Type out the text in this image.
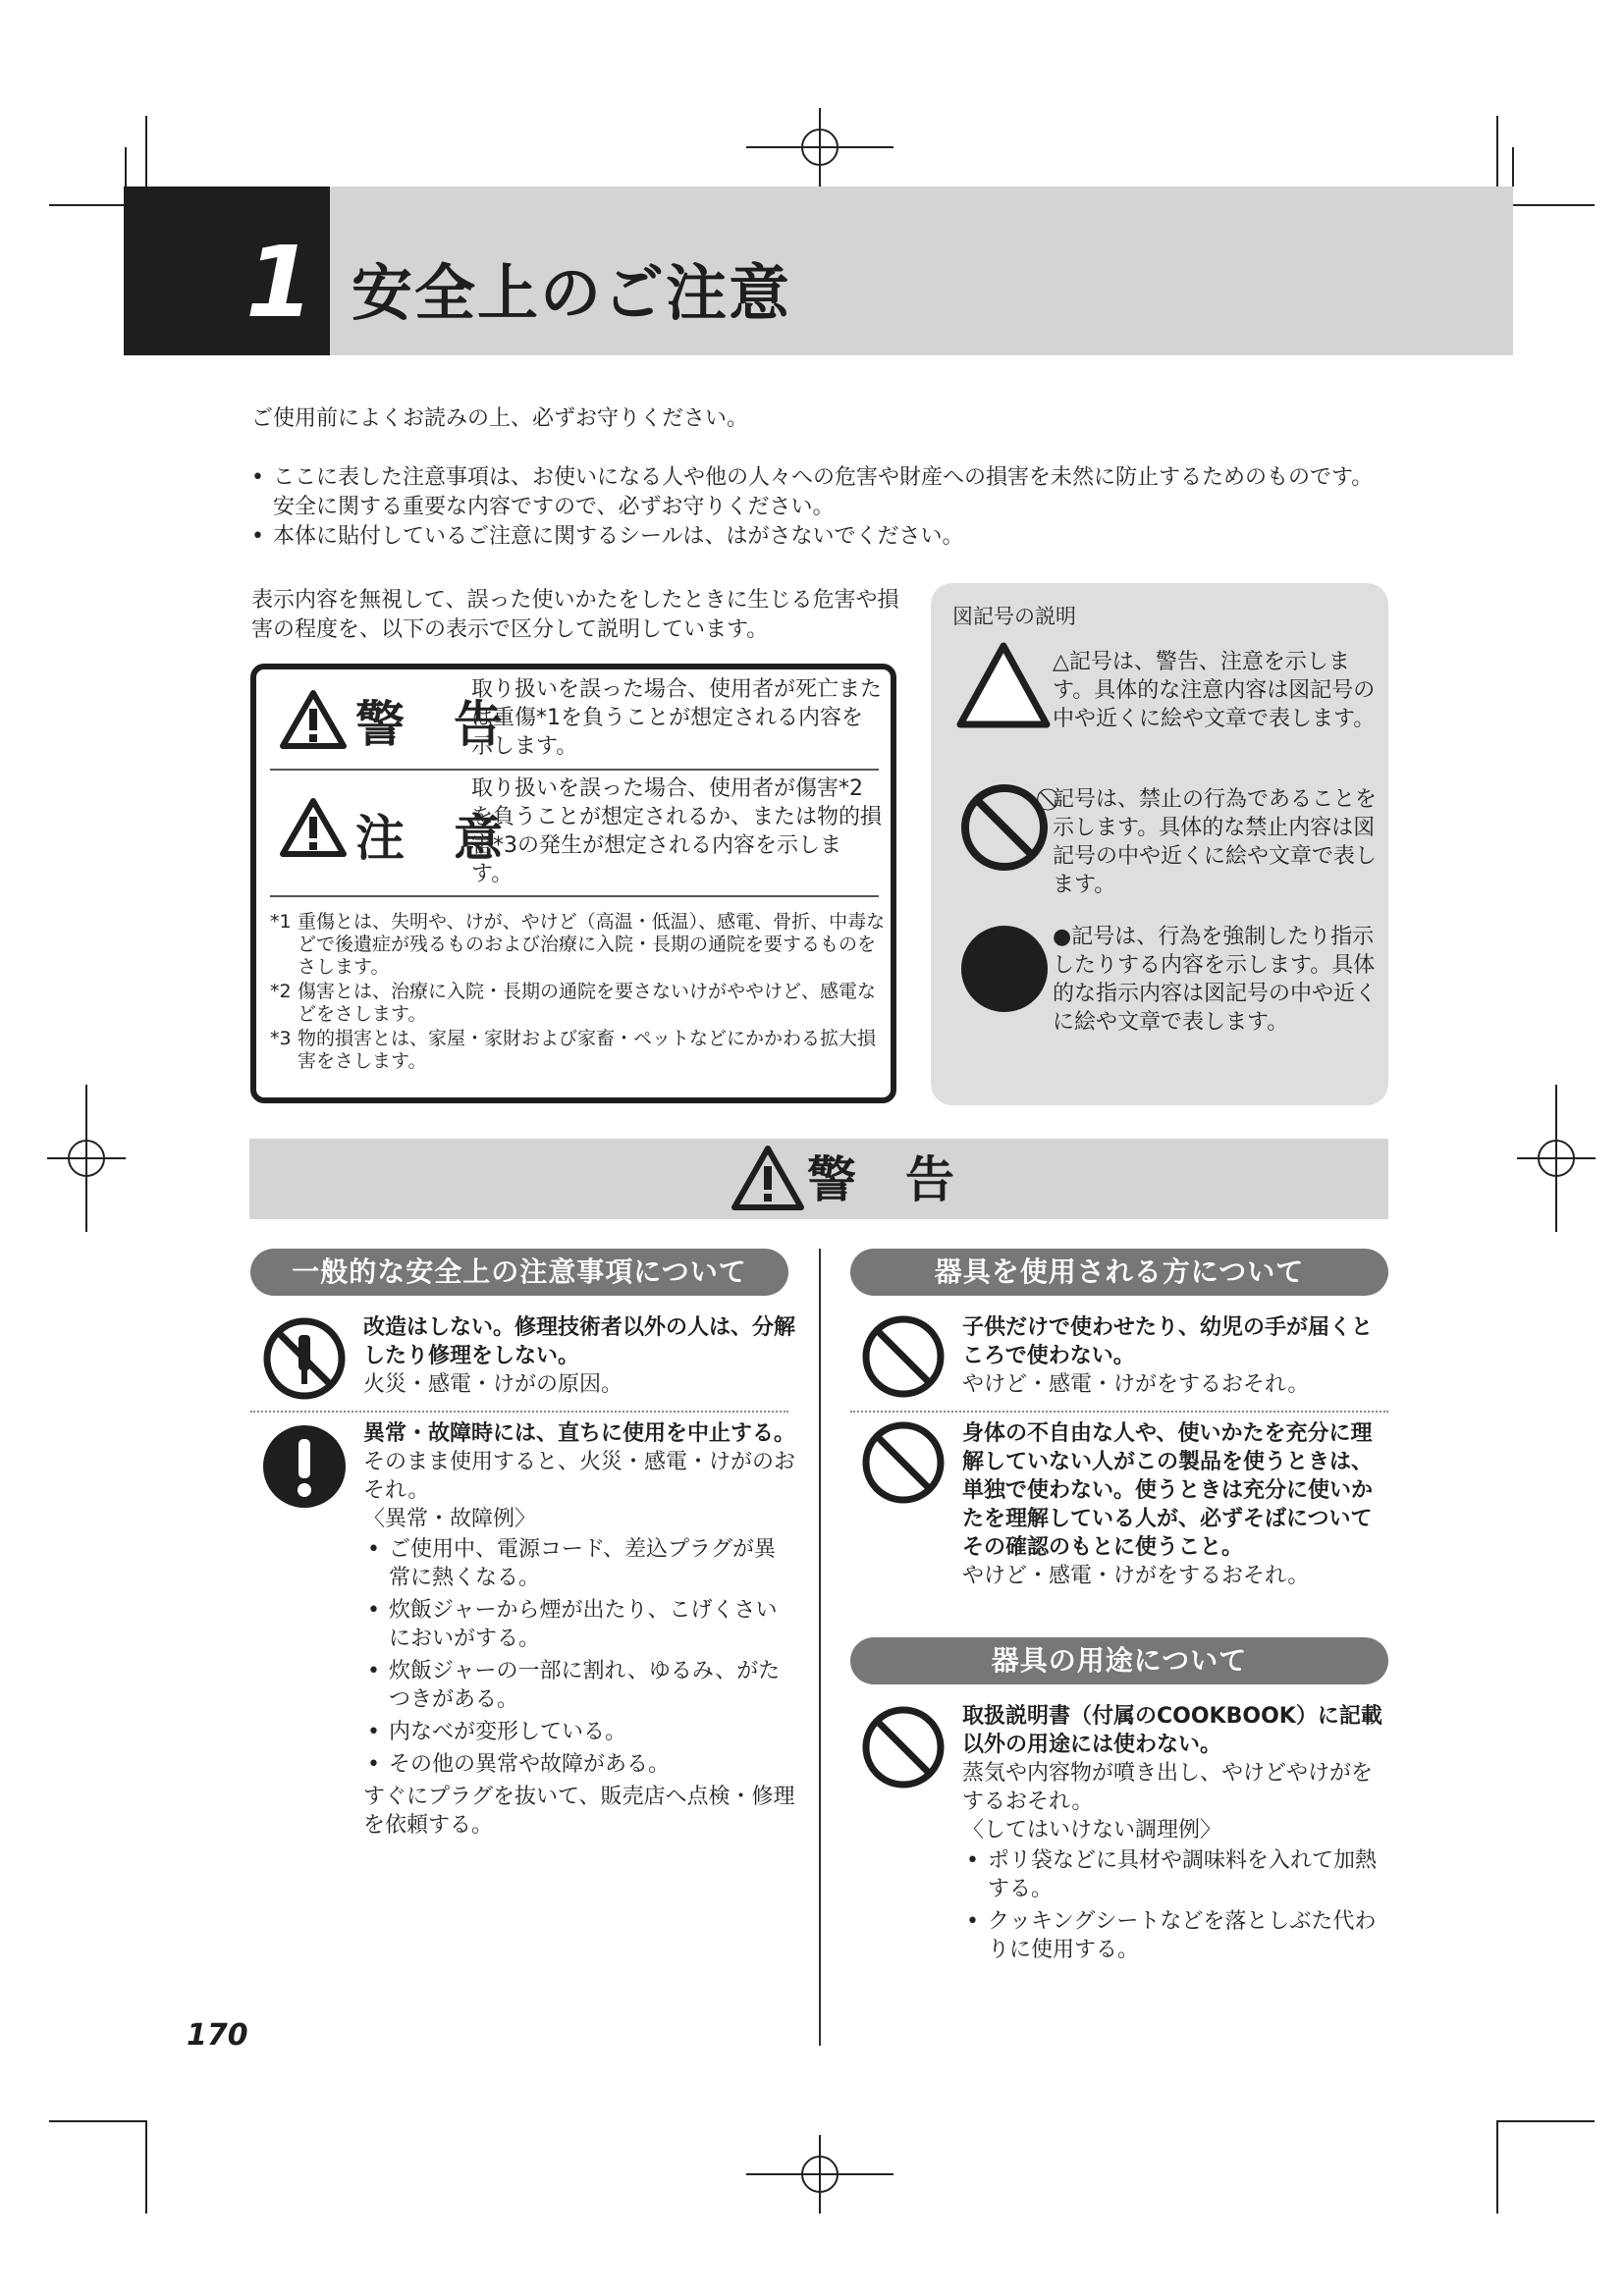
1 安全上のご注意
ご使用前によくお読みの上、必ずお守りください。
• ここに表した注意事項は、お使いになる人や他の人々への危害や財産への損害を未然に防止するためのものです。安全に関する重要な内容ですので、必ずお守りください。
• 本体に貼付しているご注意に関するシールは、はがさないでください。
表示内容を無視して、誤った使いかたをしたときに生じる危害や損害の程度を、以下の表示で区分して説明しています。
警　告
取り扱いを誤った場合、使用者が死亡または重傷*1を負うことが想定される内容を示します。
注　意
取り扱いを誤った場合、使用者が傷害*2を負うことが想定されるか、または物的損害*3の発生が想定される内容を示します。
*1 重傷とは、失明や、けが、やけど（高温・低温）、感電、骨折、中毒などで後遺症が残るものおよび治療に入院・長期の通院を要するものをさします。
*2 傷害とは、治療に入院・長期の通院を要さないけがややけど、感電などをさします。
*3 物的損害とは、家屋・家財および家畜・ペットなどにかかわる拡大損害をさします。
図記号の説明
△記号は、警告、注意を示します。具体的な注意内容は図記号の中や近くに絵や文章で表します。
⃠記号は、禁止の行為であることを示します。具体的な禁止内容は図記号の中や近くに絵や文章で表します。
●記号は、行為を強制したり指示したりする内容を示します。具体的な指示内容は図記号の中や近くに絵や文章で表します。
警　告
一般的な安全上の注意事項について
改造はしない。修理技術者以外の人は、分解したり修理をしない。
火災・感電・けがの原因。
異常・故障時には、直ちに使用を中止する。
そのまま使用すると、火災・感電・けがのおそれ。
〈異常・故障例〉
• ご使用中、電源コード、差込プラグが異常に熱くなる。
• 炊飯ジャーから煙が出たり、こげくさいにおいがする。
• 炊飯ジャーの一部に割れ、ゆるみ、がたつきがある。
• 内なべが変形している。
• その他の異常や故障がある。
すぐにプラグを抜いて、販売店へ点検・修理を依頼する。
器具を使用される方について
子供だけで使わせたり、幼児の手が届くところで使わない。
やけど・感電・けがをするおそれ。
身体の不自由な人や、使いかたを充分に理解していない人がこの製品を使うときは、単独で使わない。使うときは充分に使いかたを理解している人が、必ずそばについてその確認のもとに使うこと。
やけど・感電・けがをするおそれ。
器具の用途について
取扱説明書（付属のCOOKBOOK）に記載以外の用途には使わない。
蒸気や内容物が噴き出し、やけどやけがをするおそれ。
〈してはいけない調理例〉
• ポリ袋などに具材や調味料を入れて加熱する。
• クッキングシートなどを落としぶた代わりに使用する。
170
